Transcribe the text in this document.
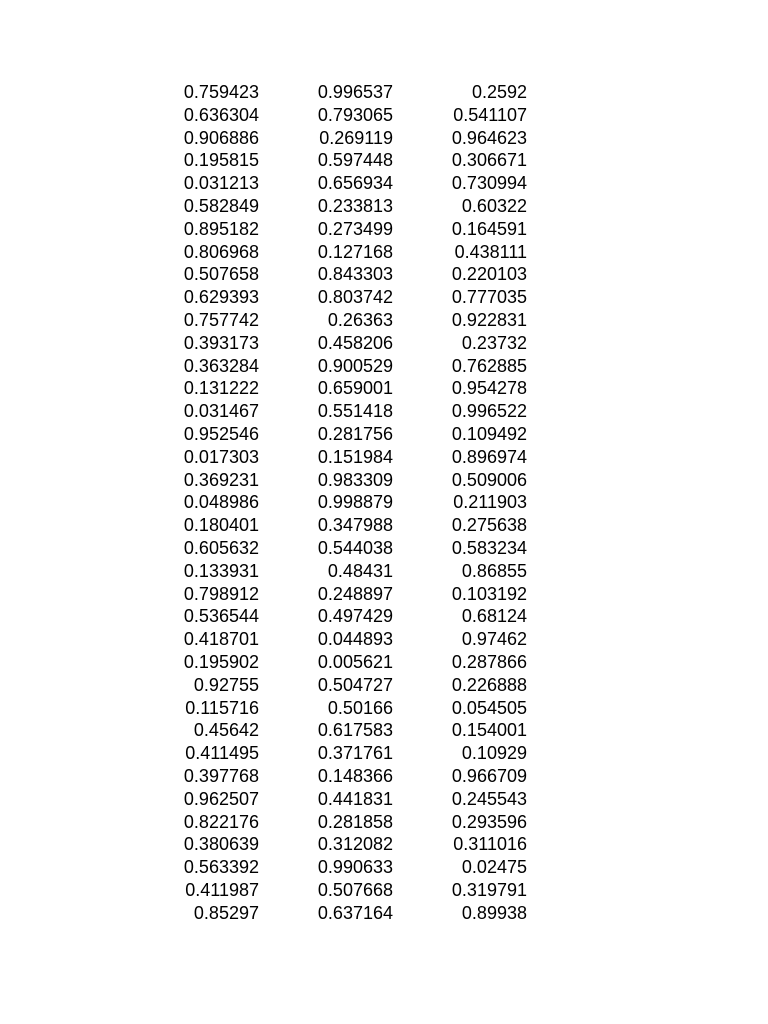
0.759423	0.996537	0.2592
0.636304	0.793065	0.541107
0.906886	0.269119	0.964623
0.195815	0.597448	0.306671
0.031213	0.656934	0.730994
0.582849	0.233813	0.60322
0.895182	0.273499	0.164591
0.806968	0.127168	0.438111
0.507658	0.843303	0.220103
0.629393	0.803742	0.777035
0.757742	0.26363	0.922831
0.393173	0.458206	0.23732
0.363284	0.900529	0.762885
0.131222	0.659001	0.954278
0.031467	0.551418	0.996522
0.952546	0.281756	0.109492
0.017303	0.151984	0.896974
0.369231	0.983309	0.509006
0.048986	0.998879	0.211903
0.180401	0.347988	0.275638
0.605632	0.544038	0.583234
0.133931	0.48431	0.86855
0.798912	0.248897	0.103192
0.536544	0.497429	0.68124
0.418701	0.044893	0.97462
0.195902	0.005621	0.287866
0.92755	0.504727	0.226888
0.115716	0.50166	0.054505
0.45642	0.617583	0.154001
0.411495	0.371761	0.10929
0.397768	0.148366	0.966709
0.962507	0.441831	0.245543
0.822176	0.281858	0.293596
0.380639	0.312082	0.311016
0.563392	0.990633	0.02475
0.411987	0.507668	0.319791
0.85297	0.637164	0.89938
